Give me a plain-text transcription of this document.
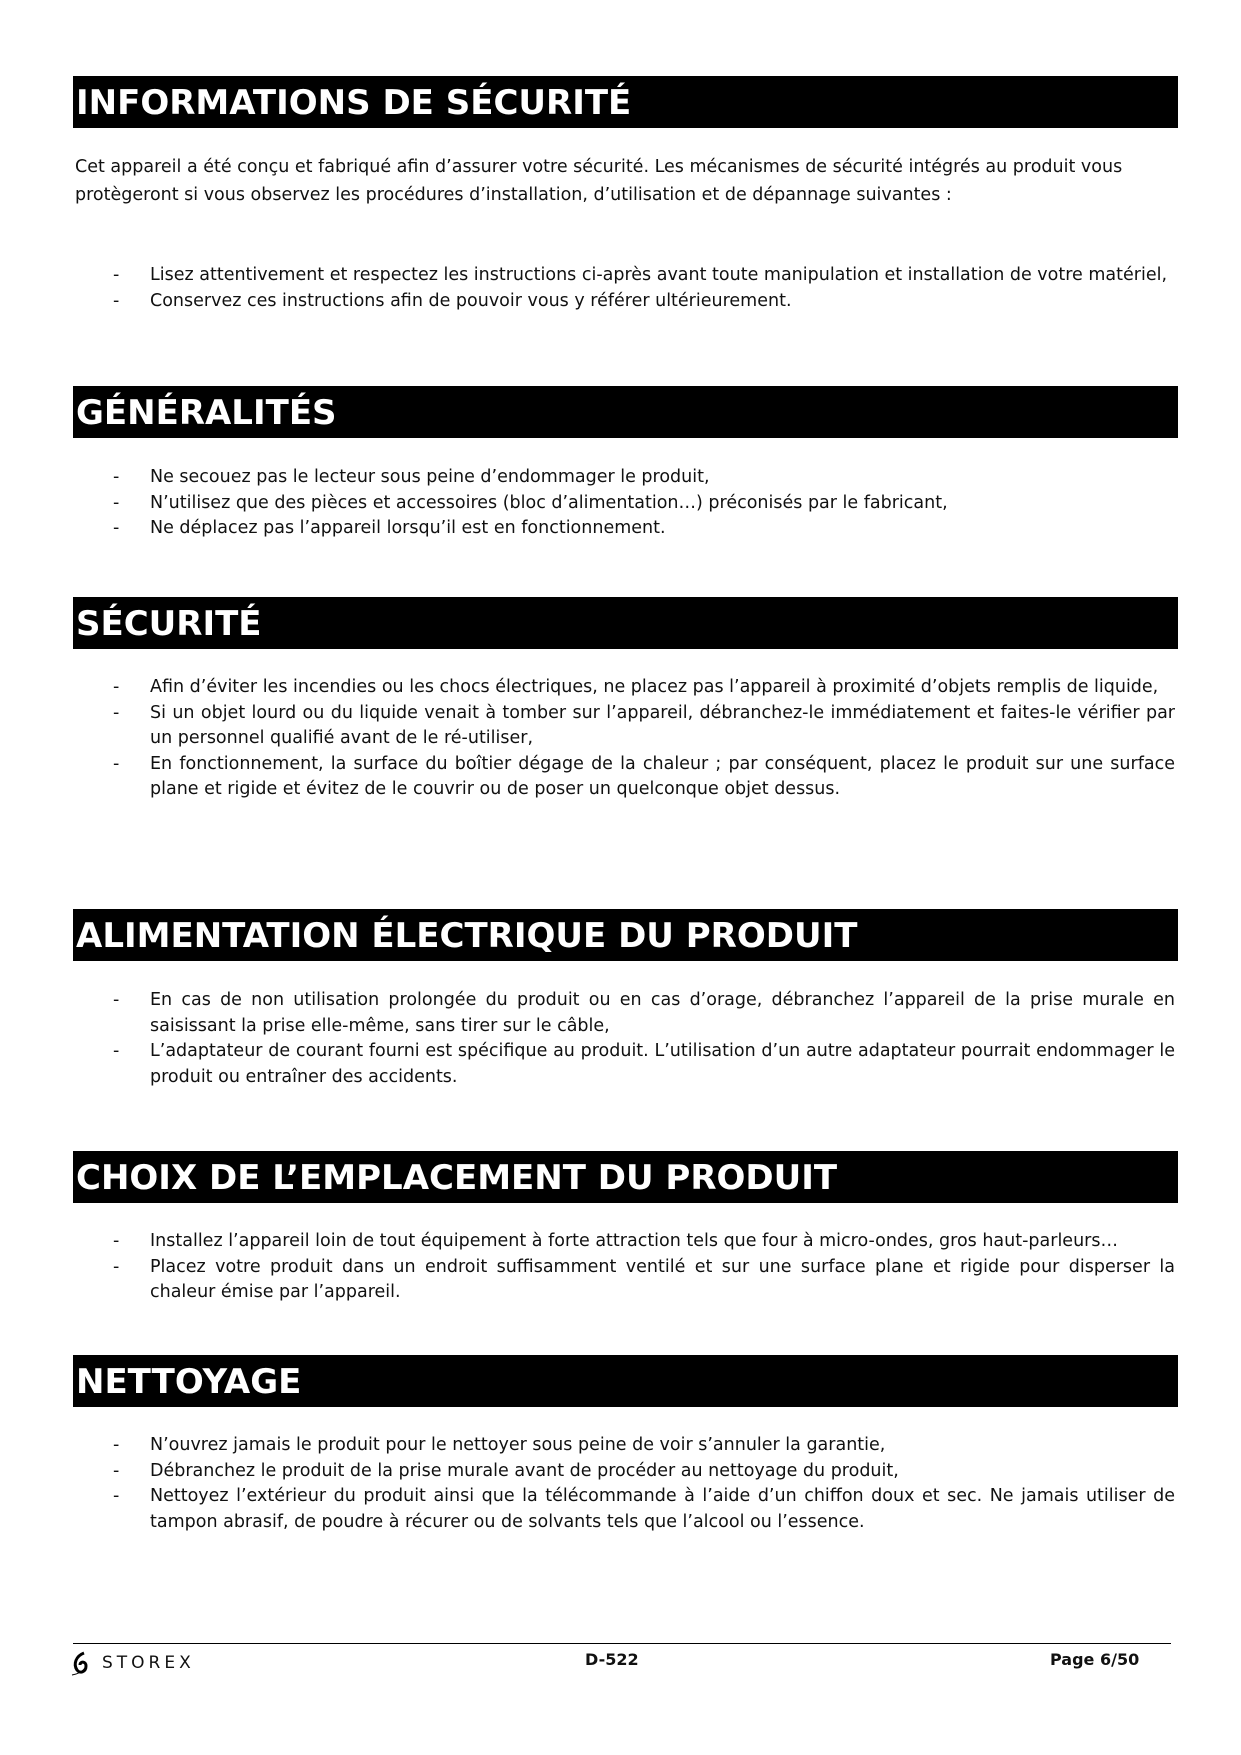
INFORMATIONS DE SÉCURITÉ
Cet appareil a été conçu et fabriqué afin d’assurer votre sécurité. Les mécanismes de sécurité intégrés au produit vous protègeront si vous observez les procédures d’installation, d’utilisation et de dépannage suivantes :
- Lisez attentivement et respectez les instructions ci-après avant toute manipulation et installation de votre matériel,
- Conservez ces instructions afin de pouvoir vous y référer ultérieurement.
GÉNÉRALITÉS
- Ne secouez pas le lecteur sous peine d’endommager le produit,
- N’utilisez que des pièces et accessoires (bloc d’alimentation…) préconisés par le fabricant,
- Ne déplacez pas l’appareil lorsqu’il est en fonctionnement.
SÉCURITÉ
- Afin d’éviter les incendies ou les chocs électriques, ne placez pas l’appareil à proximité d’objets remplis de liquide,
- Si un objet lourd ou du liquide venait à tomber sur l’appareil, débranchez-le immédiatement et faites-le vérifier par un personnel qualifié avant de le ré-utiliser,
- En fonctionnement, la surface du boîtier dégage de la chaleur ; par conséquent, placez le produit sur une surface plane et rigide et évitez de le couvrir ou de poser un quelconque objet dessus.
ALIMENTATION ÉLECTRIQUE DU PRODUIT
- En cas de non utilisation prolongée du produit ou en cas d’orage, débranchez l’appareil de la prise murale en saisissant la prise elle-même, sans tirer sur le câble,
- L’adaptateur de courant fourni est spécifique au produit. L’utilisation d’un autre adaptateur pourrait endommager le produit ou entraîner des accidents.
CHOIX DE L’EMPLACEMENT DU PRODUIT
- Installez l’appareil loin de tout équipement à forte attraction tels que four à micro-ondes, gros haut-parleurs…
- Placez votre produit dans un endroit suffisamment ventilé et sur une surface plane et rigide pour disperser la chaleur émise par l’appareil.
NETTOYAGE
- N’ouvrez jamais le produit pour le nettoyer sous peine de voir s’annuler la garantie,
- Débranchez le produit de la prise murale avant de procéder au nettoyage du produit,
- Nettoyez l’extérieur du produit ainsi que la télécommande à l’aide d’un chiffon doux et sec. Ne jamais utiliser de tampon abrasif, de poudre à récurer ou de solvants tels que l’alcool ou l’essence.
STOREX	D-522	Page 6/50
